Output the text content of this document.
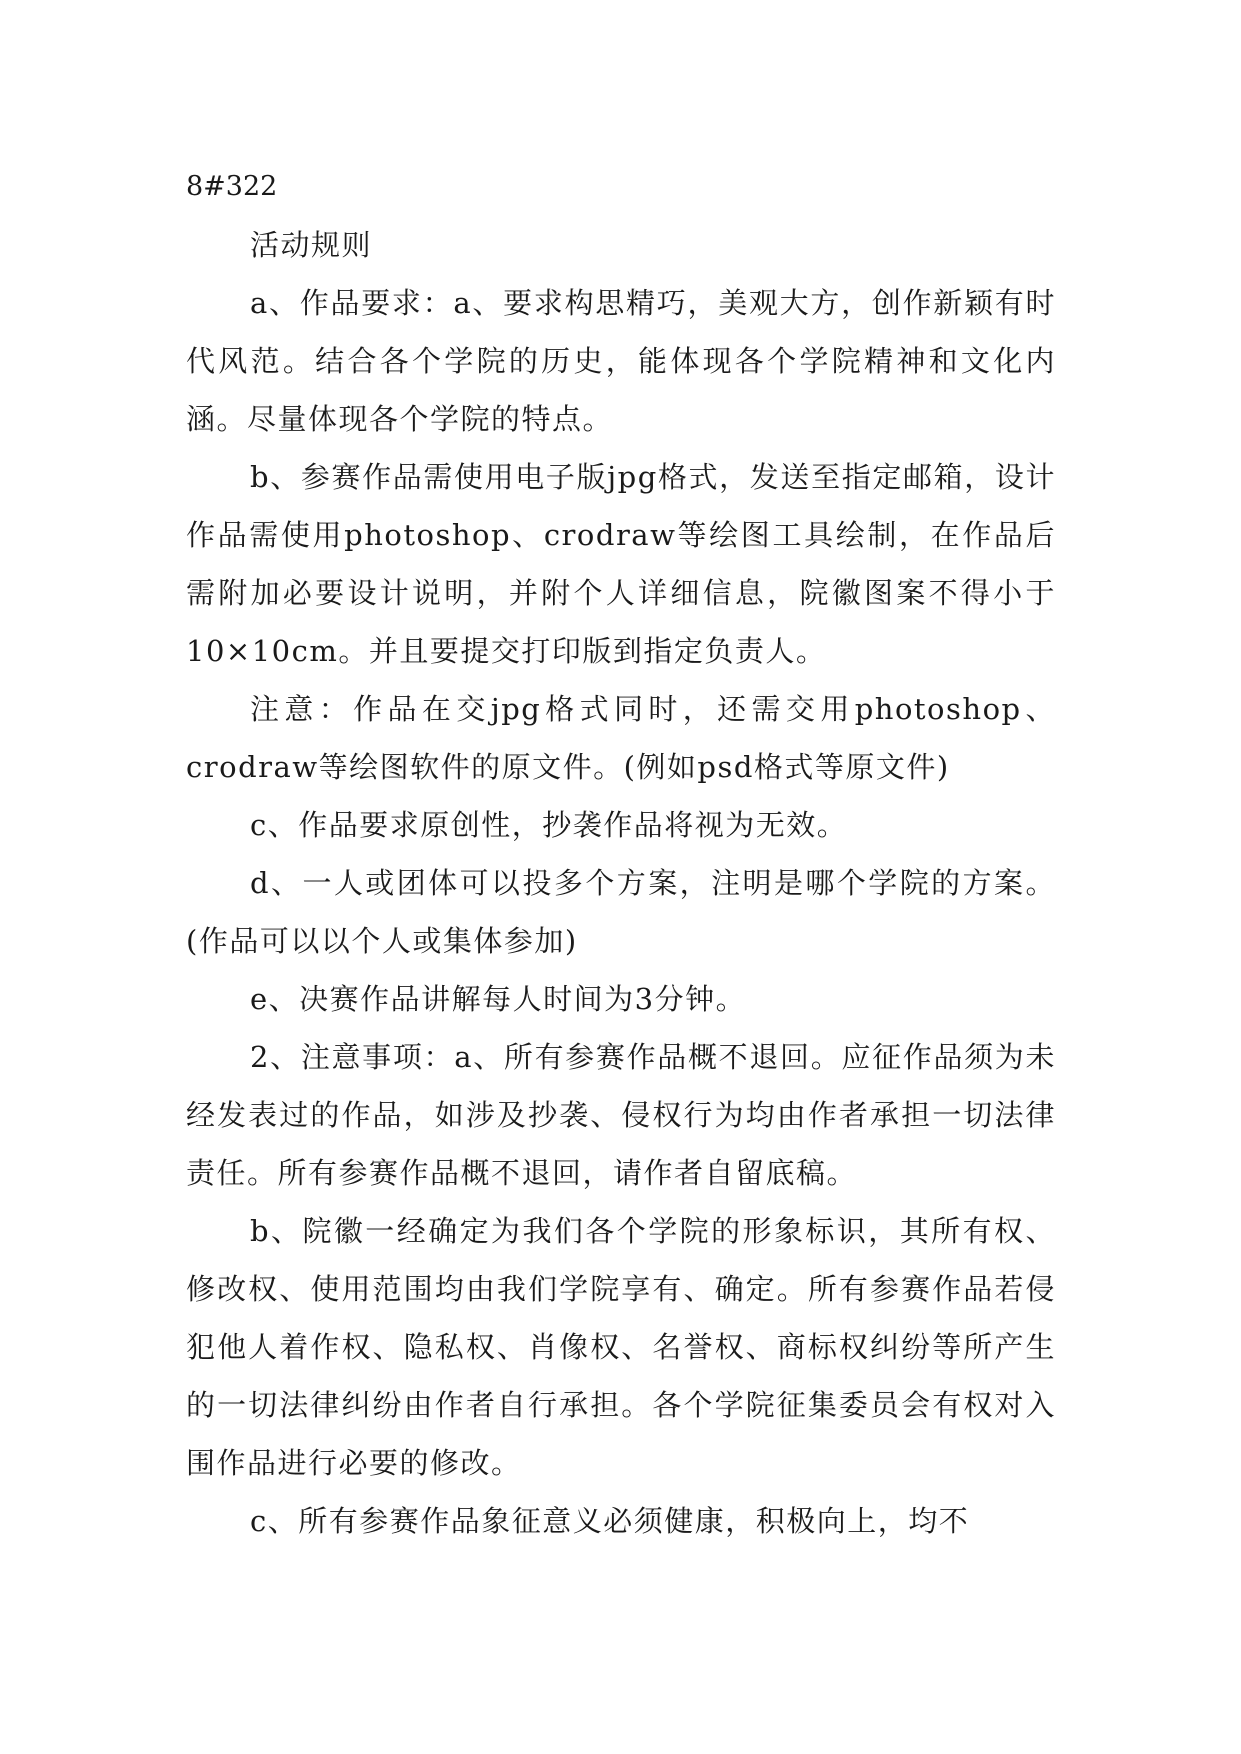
8#322

活动规则

a、作品要求：a、要求构思精巧，美观大方，创作新颖有时代风范。结合各个学院的历史，能体现各个学院精神和文化内涵。尽量体现各个学院的特点。

b、参赛作品需使用电子版jpg格式，发送至指定邮箱，设计作品需使用photoshop、crodraw等绘图工具绘制，在作品后需附加必要设计说明，并附个人详细信息，院徽图案不得小于10×10cm。并且要提交打印版到指定负责人。

注意：作品在交jpg格式同时，还需交用photoshop、crodraw等绘图软件的原文件。(例如psd格式等原文件)

c、作品要求原创性，抄袭作品将视为无效。

d、一人或团体可以投多个方案，注明是哪个学院的方案。(作品可以以个人或集体参加)

e、决赛作品讲解每人时间为3分钟。

2、注意事项：a、所有参赛作品概不退回。应征作品须为未经发表过的作品，如涉及抄袭、侵权行为均由作者承担一切法律责任。所有参赛作品概不退回，请作者自留底稿。

b、院徽一经确定为我们各个学院的形象标识，其所有权、修改权、使用范围均由我们学院享有、确定。所有参赛作品若侵犯他人着作权、隐私权、肖像权、名誉权、商标权纠纷等所产生的一切法律纠纷由作者自行承担。各个学院征集委员会有权对入围作品进行必要的修改。

c、所有参赛作品象征意义必须健康，积极向上，均不
